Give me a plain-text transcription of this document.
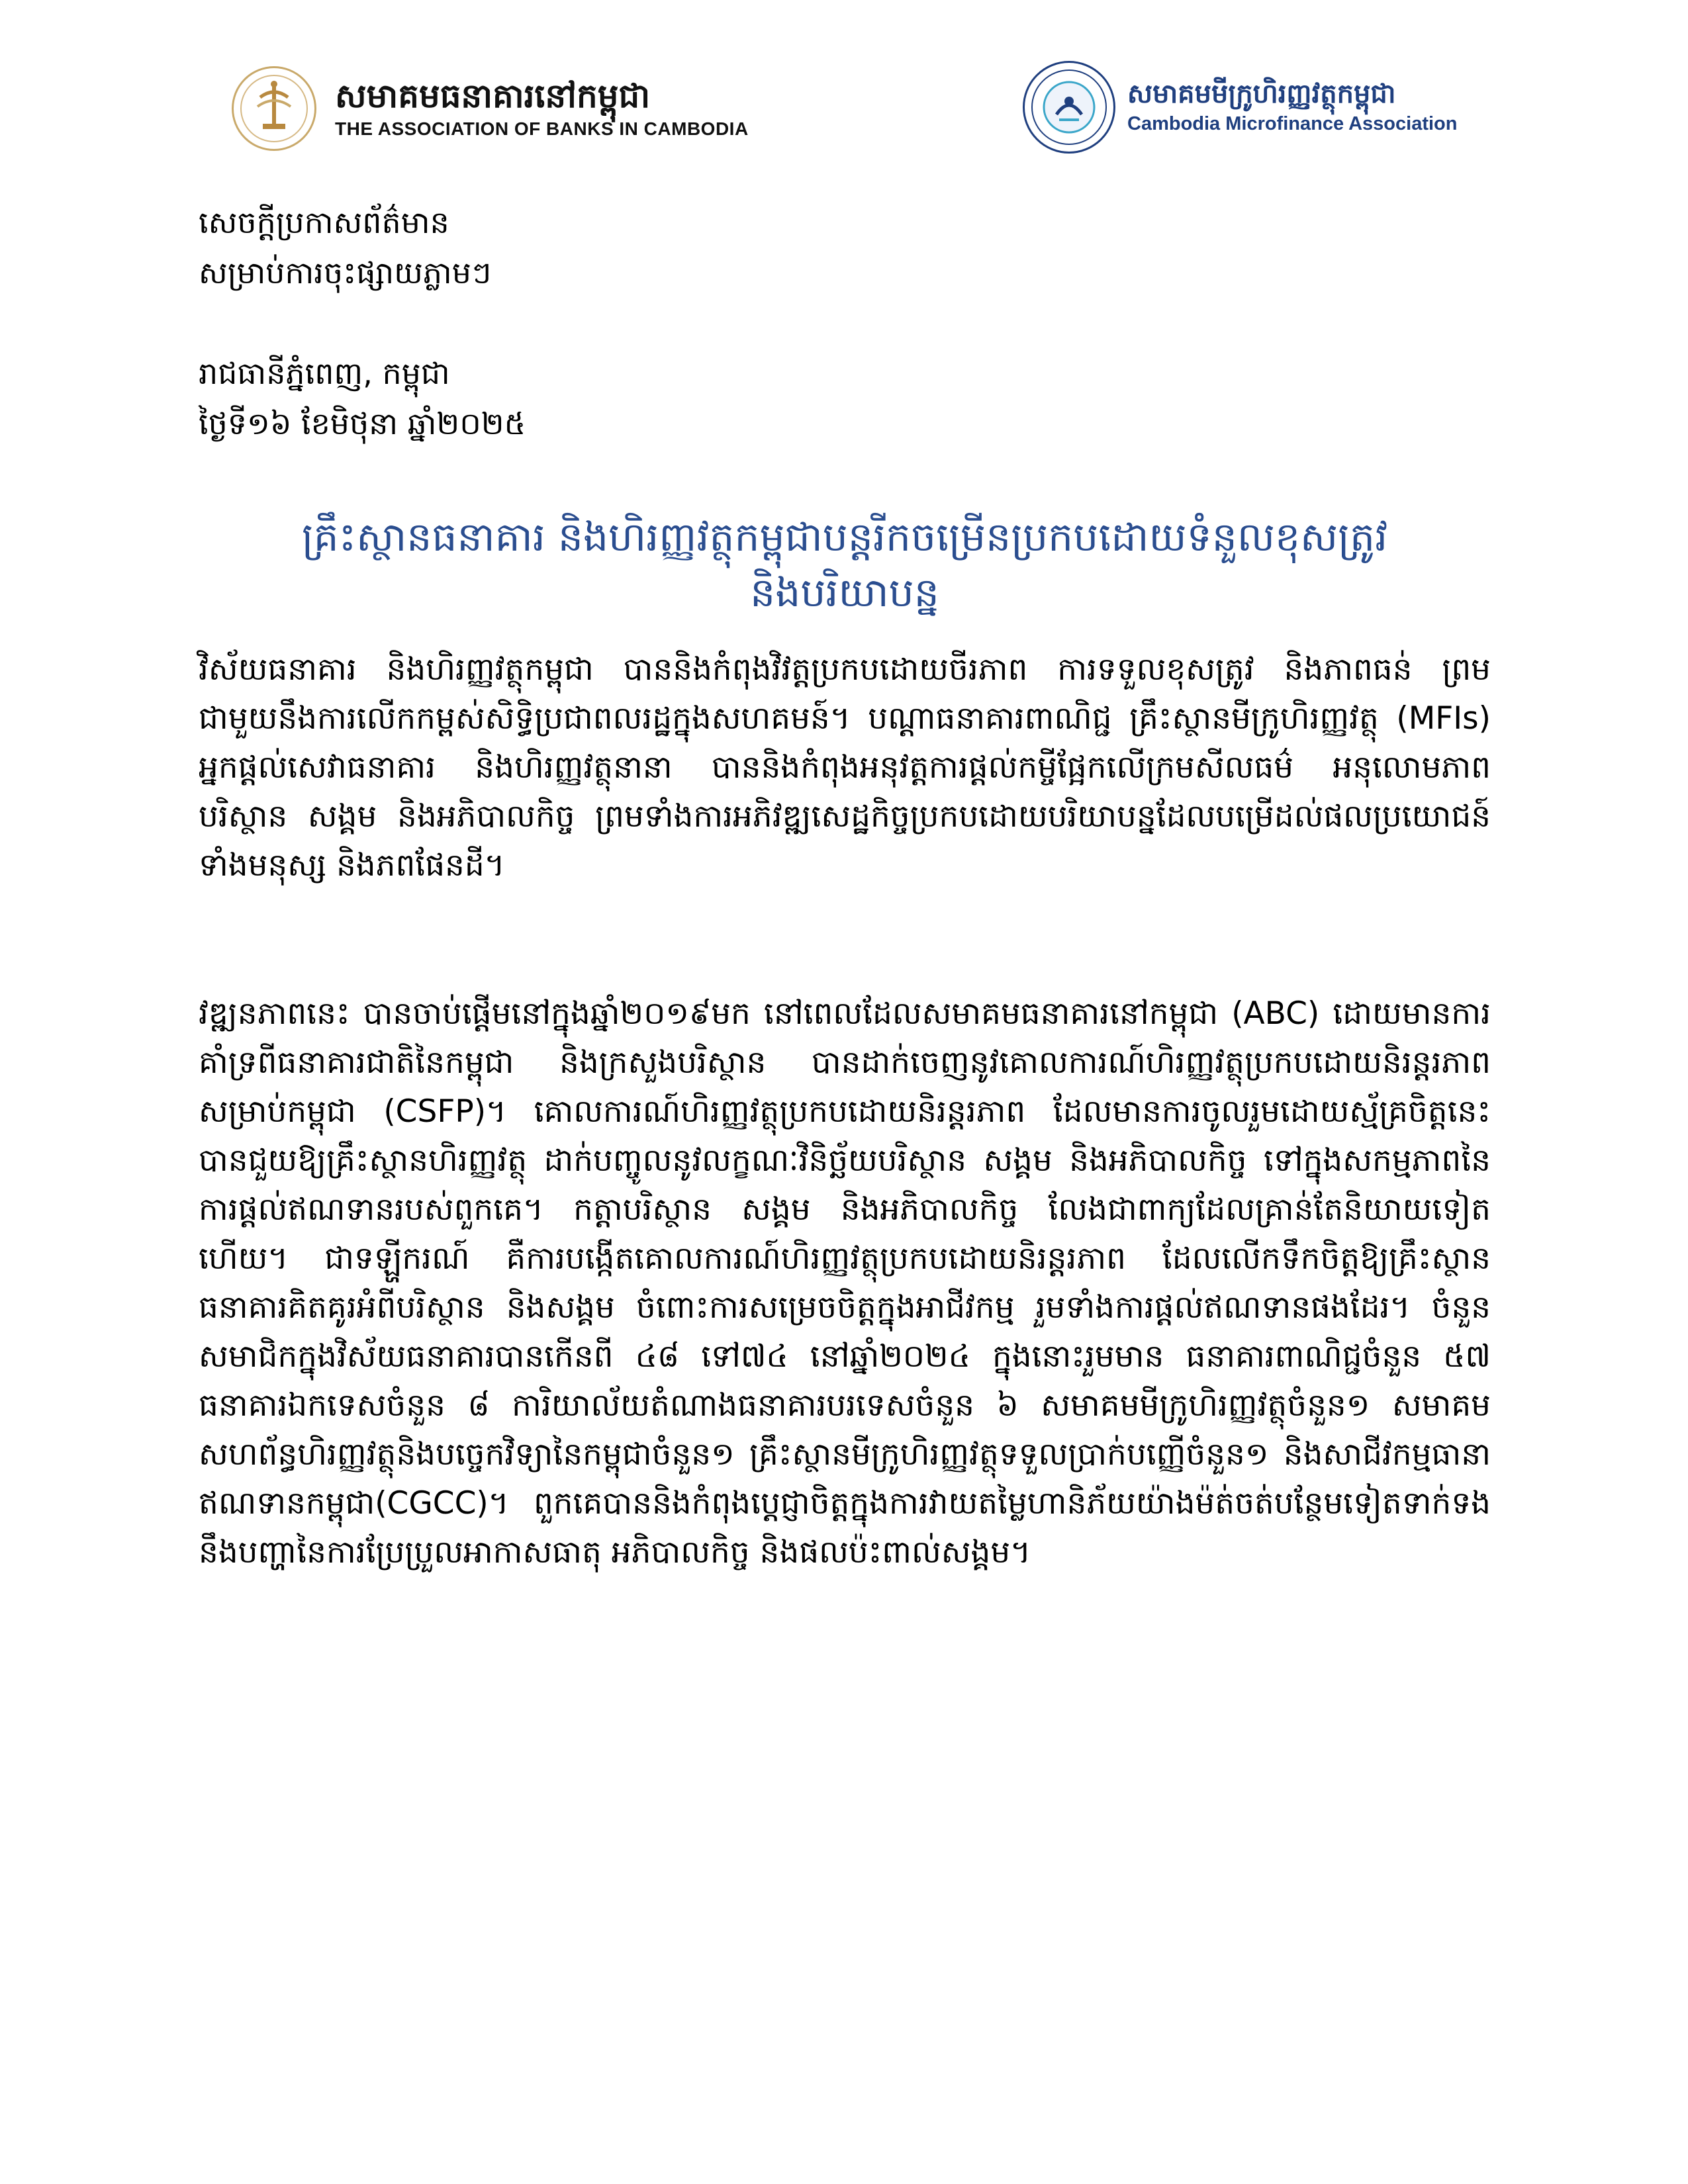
សមាគមធនាគារនៅកម្ពុជា
THE ASSOCIATION OF BANKS IN CAMBODIA
សមាគមមីក្រូហិរញ្ញវត្ថុកម្ពុជា
Cambodia Microfinance Association
សេចក្ដីប្រកាសព័ត៌មាន
សម្រាប់ការចុះផ្សាយភ្លាមៗ
រាជធានីភ្នំពេញ, កម្ពុជា
ថ្ងៃទី១៦ ខែមិថុនា ឆ្នាំ២០២៥
គ្រឹះស្ថានធនាគារ និងហិរញ្ញវត្ថុកម្ពុជាបន្តរីកចម្រើនប្រកបដោយទំនួលខុសត្រូវ
និងបរិយាបន្ន

វិស័យធនាគារ និងហិរញ្ញវត្ថុកម្ពុជា បាននិងកំពុងវិវត្តប្រកបដោយចីរភាព ការទទួលខុសត្រូវ និងភាពធន់ ព្រមជាមួយនឹងការលើកកម្ពស់សិទ្ធិប្រជាពលរដ្ឋក្នុងសហគមន៍។ បណ្ដាធនាគារពាណិជ្ជ គ្រឹះស្ថានមីក្រូហិរញ្ញវត្ថុ (MFIs) អ្នកផ្ដល់សេវាធនាគារ និងហិរញ្ញវត្ថុនានា បាននិងកំពុងអនុវត្តការផ្ដល់កម្ចីផ្អែកលើក្រមសីលធម៌ អនុលោមភាពបរិស្ថាន សង្គម និងអភិបាលកិច្ច ព្រមទាំងការអភិវឌ្ឍសេដ្ឋកិច្ចប្រកបដោយបរិយាបន្នដែលបម្រើដល់ផលប្រយោជន៍ទាំងមនុស្ស និងភពផែនដី។

វឌ្ឍនភាពនេះ បានចាប់ផ្ដើមនៅក្នុងឆ្នាំ២០១៩មក នៅពេលដែលសមាគមធនាគារនៅកម្ពុជា (ABC) ដោយមានការគាំទ្រពីធនាគារជាតិនៃកម្ពុជា និងក្រសួងបរិស្ថាន បានដាក់ចេញនូវគោលការណ៍ហិរញ្ញវត្ថុប្រកបដោយនិរន្តរភាពសម្រាប់កម្ពុជា (CSFP)។ គោលការណ៍ហិរញ្ញវត្ថុប្រកបដោយនិរន្តរភាព ដែលមានការចូលរួមដោយស្ម័គ្រចិត្តនេះ បានជួយឱ្យគ្រឹះស្ថានហិរញ្ញវត្ថុ ដាក់បញ្ចូលនូវលក្ខណៈវិនិច្ឆ័យបរិស្ថាន សង្គម និងអភិបាលកិច្ច ទៅក្នុងសកម្មភាពនៃការផ្ដល់ឥណទានរបស់ពួកគេ។ កត្តាបរិស្ថាន សង្គម និងអភិបាលកិច្ច លែងជាពាក្យដែលគ្រាន់តែនិយាយទៀតហើយ។ ជាទឡ្ហីករណ៍ គឺការបង្កើតគោលការណ៍ហិរញ្ញវត្ថុប្រកបដោយនិរន្តរភាព ដែលលើកទឹកចិត្តឱ្យគ្រឹះស្ថានធនាគារគិតគូរអំពីបរិស្ថាន និងសង្គម ចំពោះការសម្រេចចិត្តក្នុងអាជីវកម្ម រួមទាំងការផ្ដល់ឥណទានផងដែរ។ ចំនួនសមាជិកក្នុងវិស័យធនាគារបានកើនពី ៤៨ ទៅ៧៤ នៅឆ្នាំ២០២៤ ក្នុងនោះរួមមាន ធនាគារពាណិជ្ជចំនួន ៥៧ ធនាគារឯកទេសចំនួន ៨ ការិយាល័យតំណាងធនាគារបរទេសចំនួន ៦ សមាគមមីក្រូហិរញ្ញវត្ថុចំនួន១ សមាគមសហព័ន្ធហិរញ្ញវត្ថុនិងបច្ចេកវិទ្យានៃកម្ពុជាចំនួន១ គ្រឹះស្ថានមីក្រូហិរញ្ញវត្ថុទទួលប្រាក់បញ្ញើចំនួន១ និងសាជីវកម្មធានាឥណទានកម្ពុជា(CGCC)។ ពួកគេបាននិងកំពុងប្ដេជ្ញាចិត្តក្នុងការវាយតម្លៃហានិភ័យយ៉ាងម៉ត់ចត់បន្ថែមទៀតទាក់ទងនឹងបញ្ហានៃការប្រែប្រួលអាកាសធាតុ អភិបាលកិច្ច និងផលប៉ះពាល់សង្គម។
